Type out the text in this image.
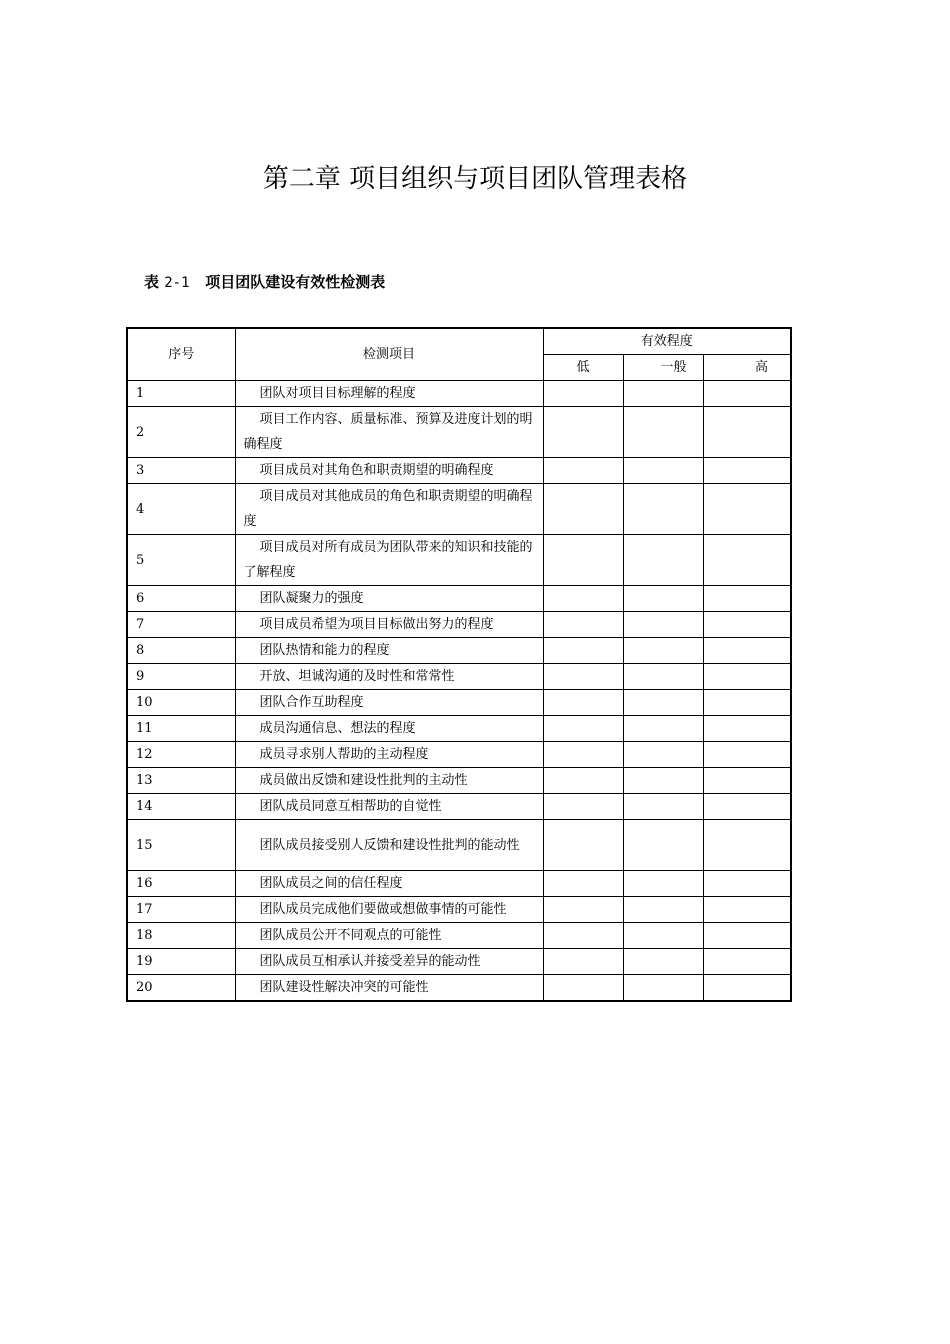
第二章 项目组织与项目团队管理表格

表 2-1 项目团队建设有效性检测表

序号	检测项目	有效程度		
		低	一般	高
1	团队对项目目标理解的程度			
2	项目工作内容、质量标准、预算及进度计划的明确程度			
3	项目成员对其角色和职责期望的明确程度			
4	项目成员对其他成员的角色和职责期望的明确程度			
5	项目成员对所有成员为团队带来的知识和技能的了解程度			
6	团队凝聚力的强度			
7	项目成员希望为项目目标做出努力的程度			
8	团队热情和能力的程度			
9	开放、坦诚沟通的及时性和常常性			
10	团队合作互助程度			
11	成员沟通信息、想法的程度			
12	成员寻求别人帮助的主动程度			
13	成员做出反馈和建设性批判的主动性			
14	团队成员同意互相帮助的自觉性			
15	团队成员接受别人反馈和建设性批判的能动性			
16	团队成员之间的信任程度			
17	团队成员完成他们要做或想做事情的可能性			
18	团队成员公开不同观点的可能性			
19	团队成员互相承认并接受差异的能动性			
20	团队建设性解决冲突的可能性			
